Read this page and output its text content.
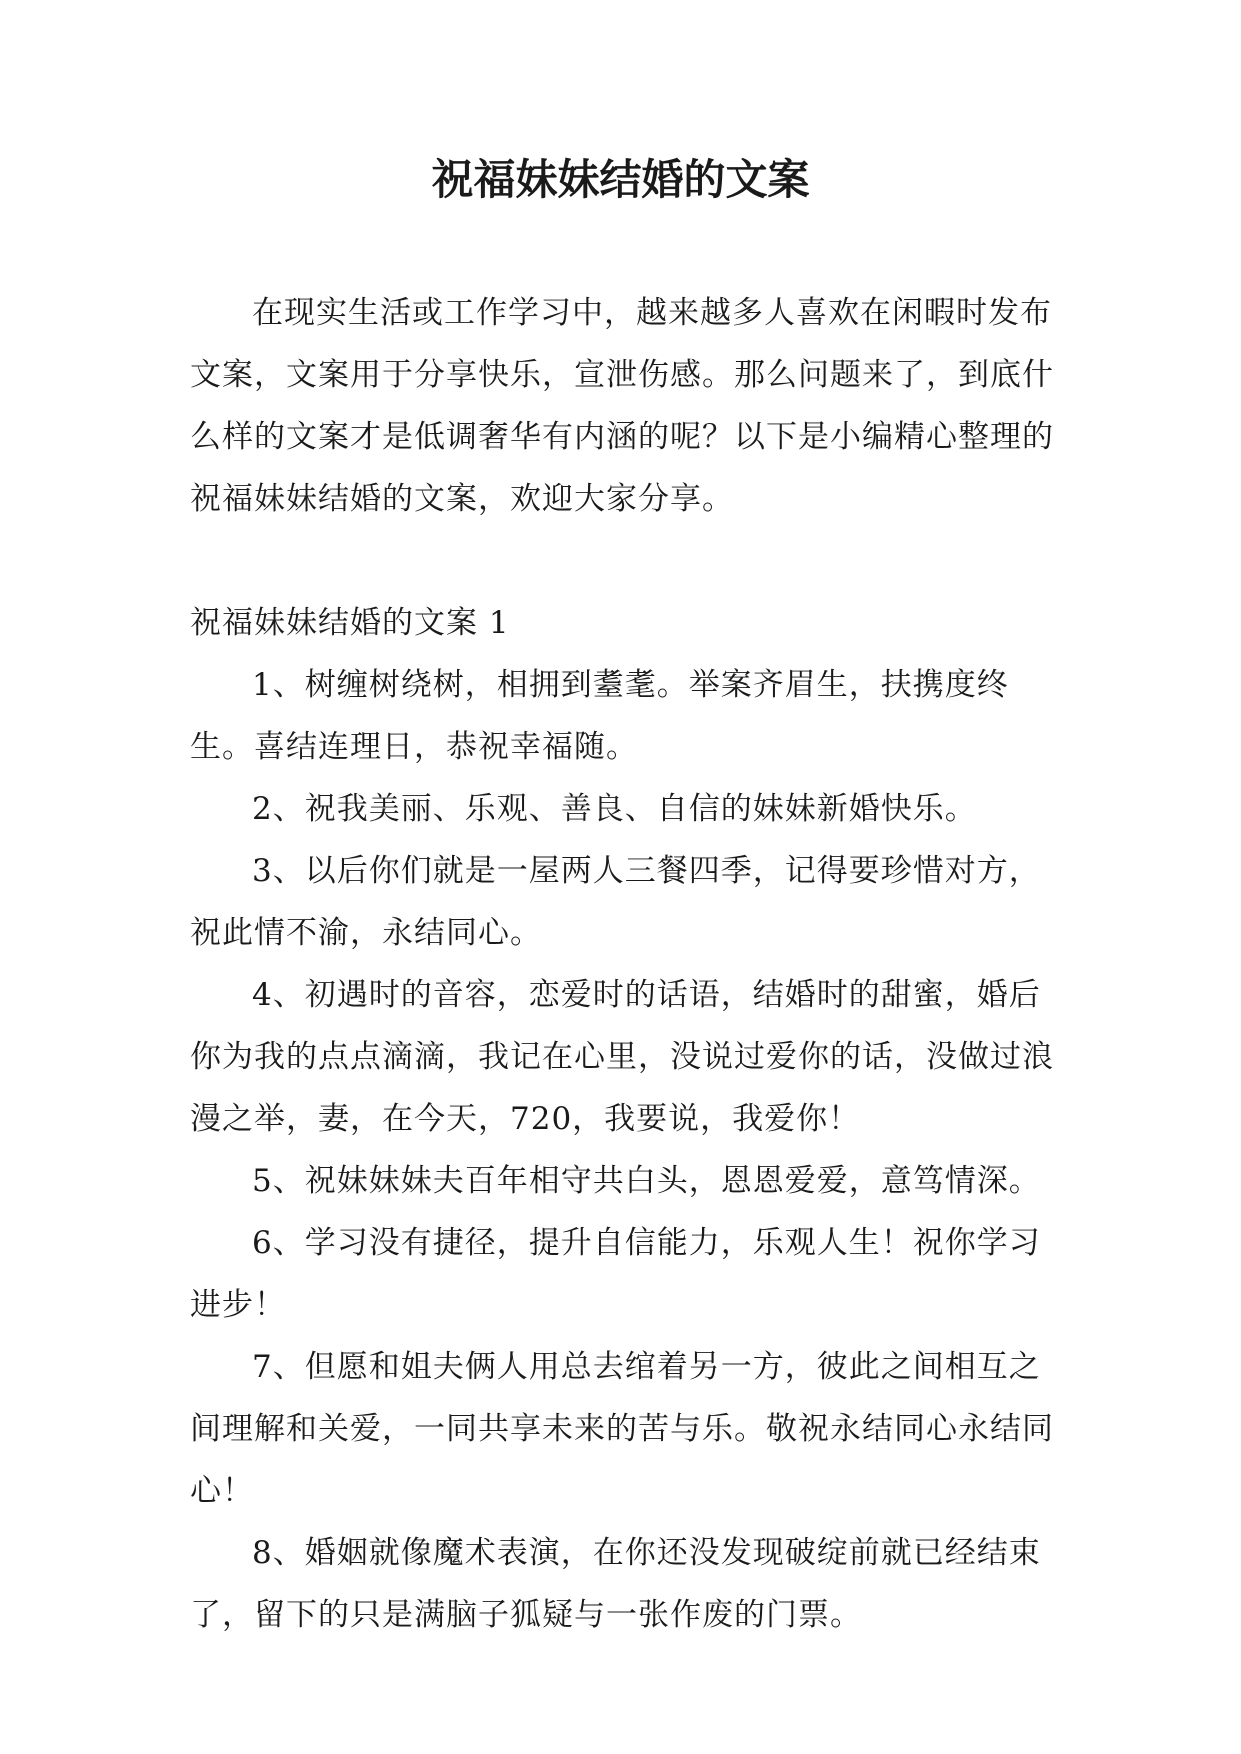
祝福妹妹结婚的文案

在现实生活或工作学习中，越来越多人喜欢在闲暇时发布文案，文案用于分享快乐，宣泄伤感。那么问题来了，到底什么样的文案才是低调奢华有内涵的呢？以下是小编精心整理的祝福妹妹结婚的文案，欢迎大家分享。

祝福妹妹结婚的文案 1

1、树缠树绕树，相拥到耋耄。举案齐眉生，扶携度终生。喜结连理日，恭祝幸福随。

2、祝我美丽、乐观、善良、自信的妹妹新婚快乐。

3、以后你们就是一屋两人三餐四季，记得要珍惜对方，祝此情不渝，永结同心。

4、初遇时的音容，恋爱时的话语，结婚时的甜蜜，婚后你为我的点点滴滴，我记在心里，没说过爱你的话，没做过浪漫之举，妻，在今天，720，我要说，我爱你！

5、祝妹妹妹夫百年相守共白头，恩恩爱爱，意笃情深。

6、学习没有捷径，提升自信能力，乐观人生！祝你学习进步！

7、但愿和姐夫俩人用总去绾着另一方，彼此之间相互之间理解和关爱，一同共享未来的苦与乐。敬祝永结同心永结同心！

8、婚姻就像魔术表演，在你还没发现破绽前就已经结束了，留下的只是满脑子狐疑与一张作废的门票。
